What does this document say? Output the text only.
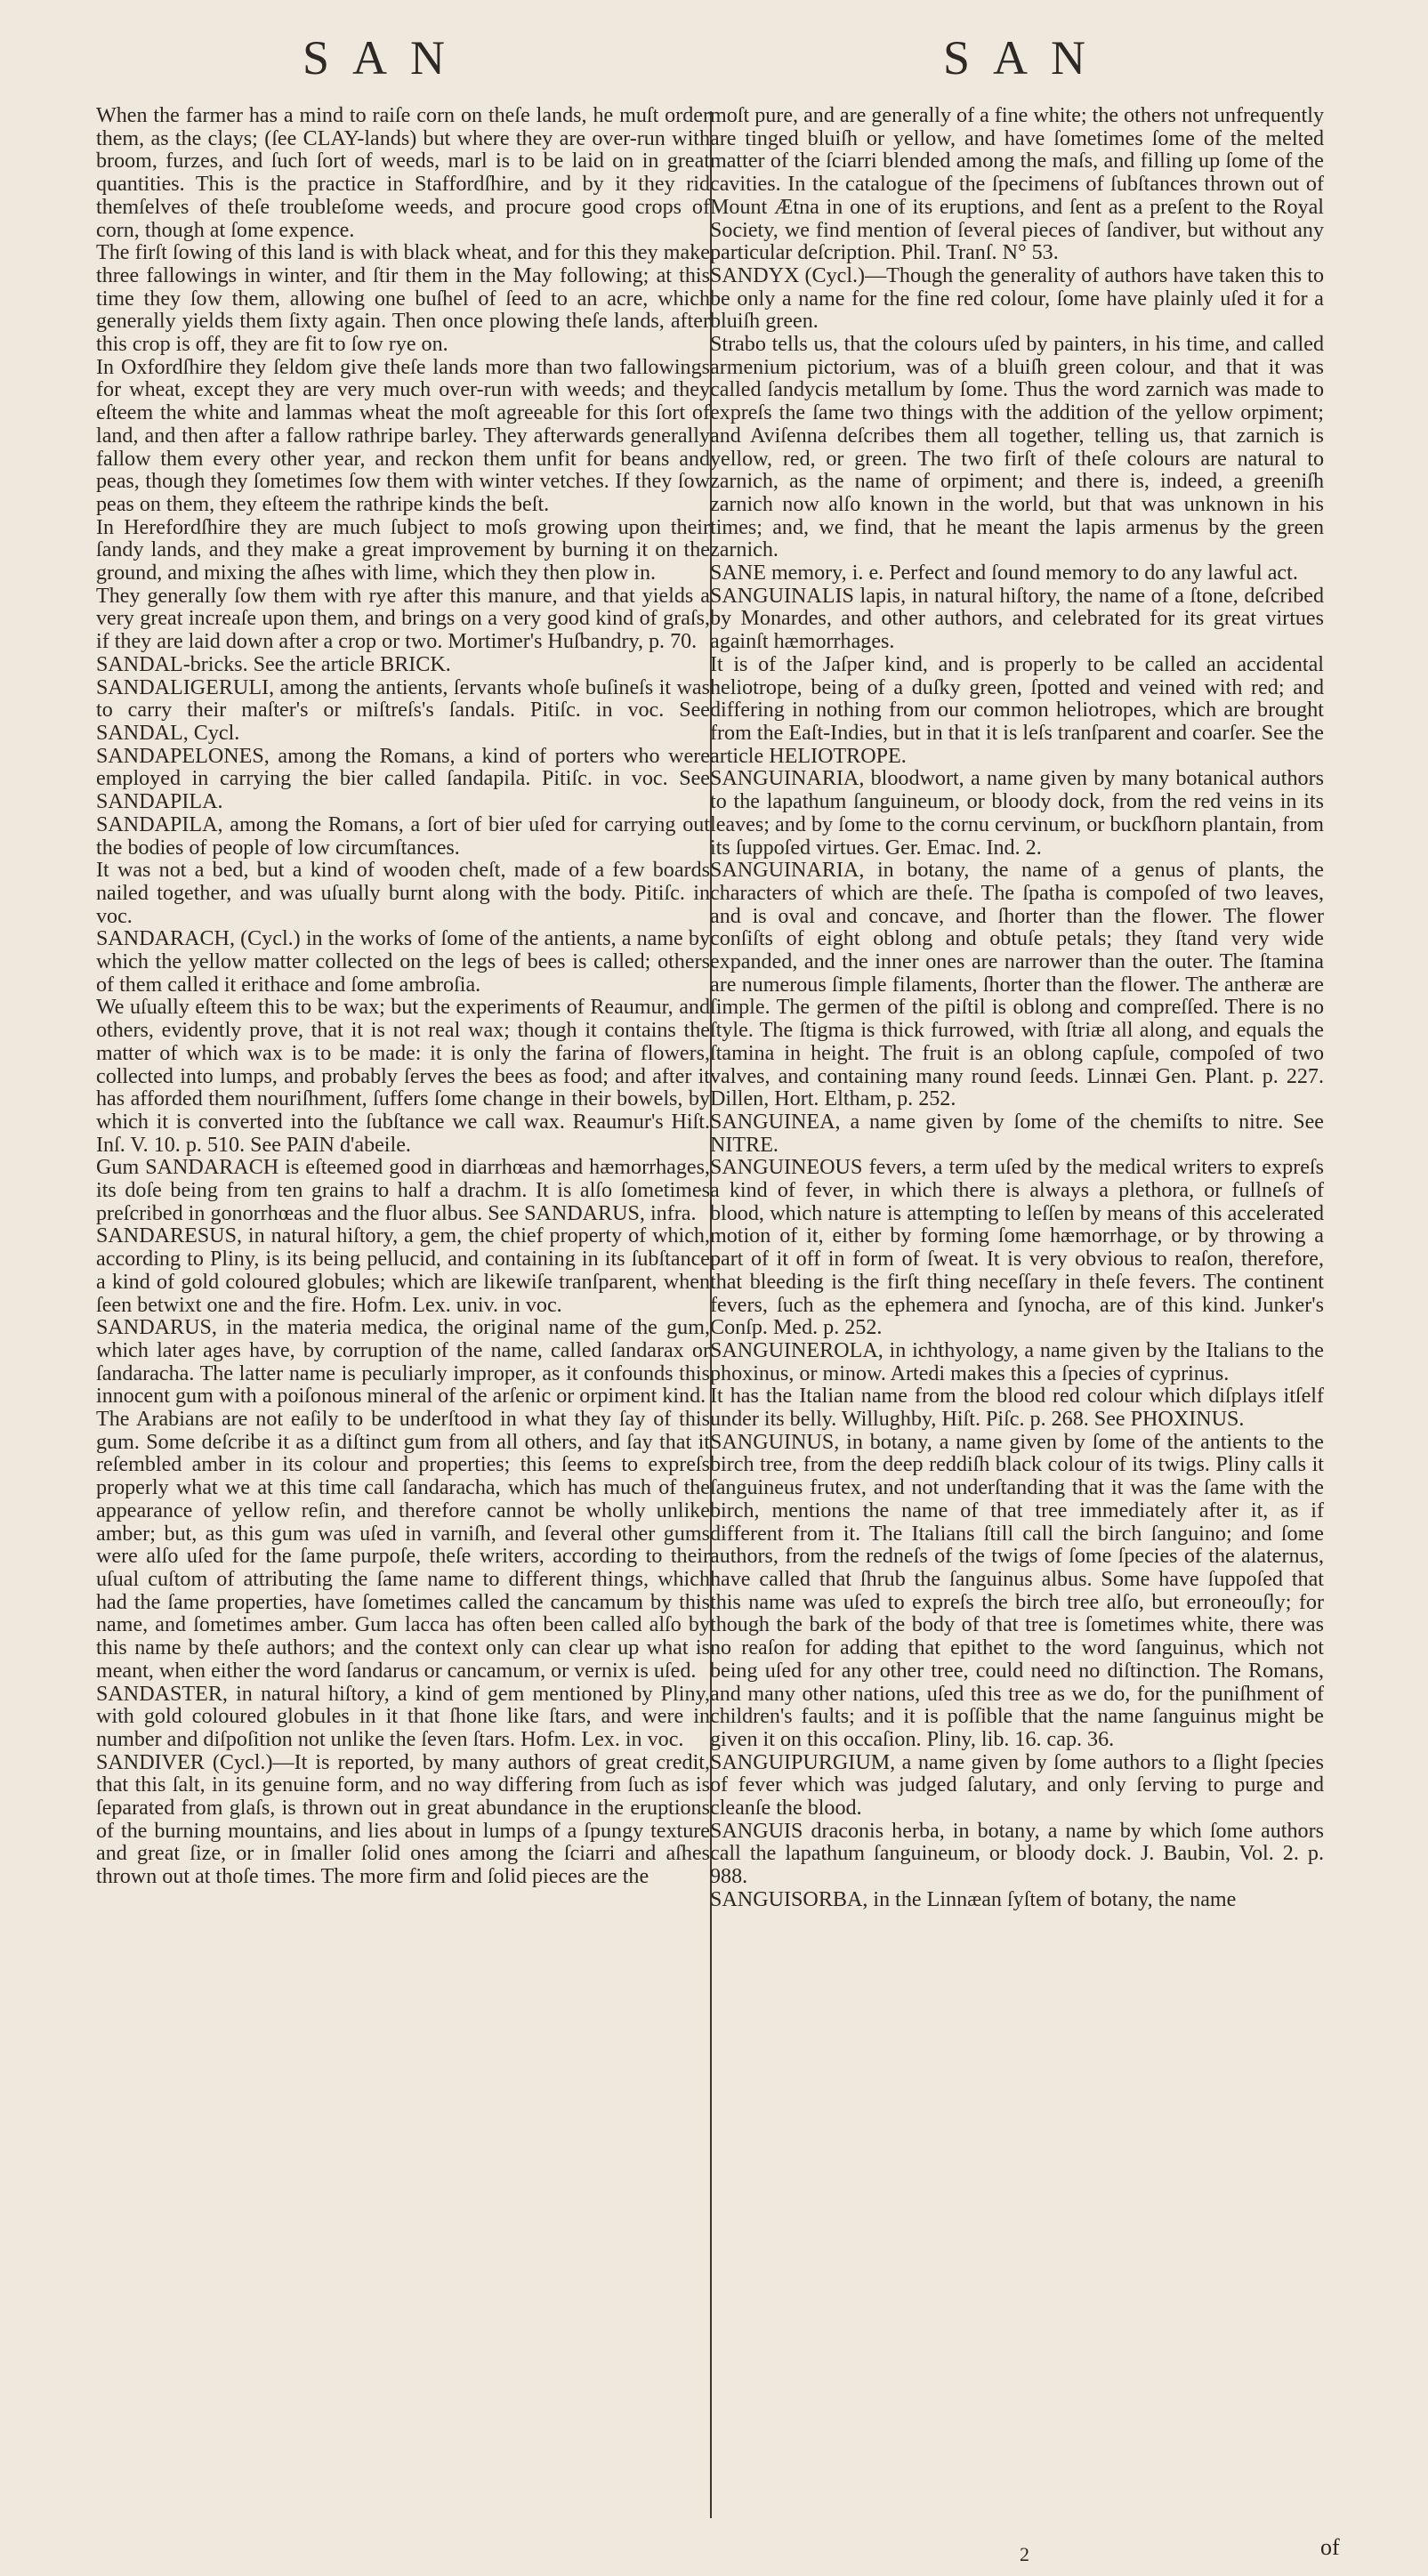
SAN	SAN

When the farmer has a mind to raiſe corn on theſe lands, he muſt order them, as the clays; (ſee CLAY-lands) but where they are over-run with broom, furzes, and ſuch ſort of weeds, marl is to be laid on in great quantities. This is the practice in Staffordſhire, and by it they rid themſelves of theſe troubleſome weeds, and procure good crops of corn, though at ſome expence.

The firſt ſowing of this land is with black wheat, and for this they make three fallowings in winter, and ſtir them in the May following; at this time they ſow them, allowing one buſhel of ſeed to an acre, which generally yields them ſixty again. Then once plowing theſe lands, after this crop is off, they are fit to ſow rye on.

In Oxfordſhire they ſeldom give theſe lands more than two fallowings for wheat, except they are very much over-run with weeds; and they eſteem the white and lammas wheat the moſt agreeable for this ſort of land, and then after a fallow rathripe barley. They afterwards generally fallow them every other year, and reckon them unfit for beans and peas, though they ſometimes ſow them with winter vetches. If they ſow peas on them, they eſteem the rathripe kinds the beſt.

In Herefordſhire they are much ſubject to moſs growing upon their ſandy lands, and they make a great improvement by burning it on the ground, and mixing the aſhes with lime, which they then plow in.

They generally ſow them with rye after this manure, and that yields a very great increaſe upon them, and brings on a very good kind of graſs, if they are laid down after a crop or two. Mortimer's Huſbandry, p. 70.

SANDAL-bricks. See the article BRICK.

SANDALIGERULI, among the antients, ſervants whoſe buſineſs it was to carry their maſter's or miſtreſs's ſandals. Pitiſc. in voc. See SANDAL, Cycl.

SANDAPELONES, among the Romans, a kind of porters who were employed in carrying the bier called ſandapila. Pitiſc. in voc. See SANDAPILA.

SANDAPILA, among the Romans, a ſort of bier uſed for carrying out the bodies of people of low circumſtances.

It was not a bed, but a kind of wooden cheſt, made of a few boards nailed together, and was uſually burnt along with the body. Pitiſc. in voc.

SANDARACH, (Cycl.) in the works of ſome of the antients, a name by which the yellow matter collected on the legs of bees is called; others of them called it erithace and ſome ambroſia.

We uſually eſteem this to be wax; but the experiments of Reaumur, and others, evidently prove, that it is not real wax; though it contains the matter of which wax is to be made: it is only the farina of flowers, collected into lumps, and probably ſerves the bees as food; and after it has afforded them nouriſhment, ſuffers ſome change in their bowels, by which it is converted into the ſubſtance we call wax. Reaumur's Hiſt. Inſ. V. 10. p. 510. See PAIN d'abeile.

Gum SANDARACH is eſteemed good in diarrhœas and hæmorrhages, its doſe being from ten grains to half a drachm. It is alſo ſometimes preſcribed in gonorrhœas and the fluor albus. See SANDARUS, infra.

SANDARESUS, in natural hiſtory, a gem, the chief property of which, according to Pliny, is its being pellucid, and containing in its ſubſtance a kind of gold coloured globules; which are likewiſe tranſparent, when ſeen betwixt one and the fire. Hofm. Lex. univ. in voc.

SANDARUS, in the materia medica, the original name of the gum, which later ages have, by corruption of the name, called ſandarax or ſandaracha. The latter name is peculiarly improper, as it confounds this innocent gum with a poiſonous mineral of the arſenic or orpiment kind.

The Arabians are not eaſily to be underſtood in what they ſay of this gum. Some deſcribe it as a diſtinct gum from all others, and ſay that it reſembled amber in its colour and properties; this ſeems to expreſs properly what we at this time call ſandaracha, which has much of the appearance of yellow reſin, and therefore cannot be wholly unlike amber; but, as this gum was uſed in varniſh, and ſeveral other gums were alſo uſed for the ſame purpoſe, theſe writers, according to their uſual cuſtom of attributing the ſame name to different things, which had the ſame properties, have ſometimes called the cancamum by this name, and ſometimes amber. Gum lacca has often been called alſo by this name by theſe authors; and the context only can clear up what is meant, when either the word ſandarus or cancamum, or vernix is uſed.

SANDASTER, in natural hiſtory, a kind of gem mentioned by Pliny, with gold coloured globules in it that ſhone like ſtars, and were in number and diſpoſition not unlike the ſeven ſtars. Hofm. Lex. in voc.

SANDIVER (Cycl.)—It is reported, by many authors of great credit, that this ſalt, in its genuine form, and no way differing from ſuch as is ſeparated from glaſs, is thrown out in great abundance in the eruptions of the burning mountains, and lies about in lumps of a ſpungy texture and great ſize, or in ſmaller ſolid ones among the ſciarri and aſhes thrown out at thoſe times. The more firm and ſolid pieces are the

moſt pure, and are generally of a fine white; the others not unfrequently are tinged bluiſh or yellow, and have ſometimes ſome of the melted matter of the ſciarri blended among the maſs, and filling up ſome of the cavities. In the catalogue of the ſpecimens of ſubſtances thrown out of Mount Ætna in one of its eruptions, and ſent as a preſent to the Royal Society, we find mention of ſeveral pieces of ſandiver, but without any particular deſcription. Phil. Tranſ. N° 53.

SANDYX (Cycl.)—Though the generality of authors have taken this to be only a name for the fine red colour, ſome have plainly uſed it for a bluiſh green.

Strabo tells us, that the colours uſed by painters, in his time, and called armenium pictorium, was of a bluiſh green colour, and that it was called ſandycis metallum by ſome. Thus the word zarnich was made to expreſs the ſame two things with the addition of the yellow orpiment; and Aviſenna deſcribes them all together, telling us, that zarnich is yellow, red, or green. The two firſt of theſe colours are natural to zarnich, as the name of orpiment; and there is, indeed, a greeniſh zarnich now alſo known in the world, but that was unknown in his times; and, we find, that he meant the lapis armenus by the green zarnich.

SANE memory, i. e. Perfect and ſound memory to do any lawful act.

SANGUINALIS lapis, in natural hiſtory, the name of a ſtone, deſcribed by Monardes, and other authors, and celebrated for its great virtues againſt hæmorrhages.

It is of the Jaſper kind, and is properly to be called an accidental heliotrope, being of a duſky green, ſpotted and veined with red; and differing in nothing from our common heliotropes, which are brought from the Eaſt-Indies, but in that it is leſs tranſparent and coarſer. See the article HELIOTROPE.

SANGUINARIA, bloodwort, a name given by many botanical authors to the lapathum ſanguineum, or bloody dock, from the red veins in its leaves; and by ſome to the cornu cervinum, or buckſhorn plantain, from its ſuppoſed virtues. Ger. Emac. Ind. 2.

SANGUINARIA, in botany, the name of a genus of plants, the characters of which are theſe. The ſpatha is compoſed of two leaves, and is oval and concave, and ſhorter than the flower. The flower conſiſts of eight oblong and obtuſe petals; they ſtand very wide expanded, and the inner ones are narrower than the outer. The ſtamina are numerous ſimple filaments, ſhorter than the flower. The antheræ are ſimple. The germen of the piſtil is oblong and compreſſed. There is no ſtyle. The ſtigma is thick furrowed, with ſtriæ all along, and equals the ſtamina in height. The fruit is an oblong capſule, compoſed of two valves, and containing many round ſeeds. Linnæi Gen. Plant. p. 227. Dillen, Hort. Eltham, p. 252.

SANGUINEA, a name given by ſome of the chemiſts to nitre. See NITRE.

SANGUINEOUS fevers, a term uſed by the medical writers to expreſs a kind of fever, in which there is always a plethora, or fullneſs of blood, which nature is attempting to leſſen by means of this accelerated motion of it, either by forming ſome hæmorrhage, or by throwing a part of it off in form of ſweat. It is very obvious to reaſon, therefore, that bleeding is the firſt thing neceſſary in theſe fevers. The continent fevers, ſuch as the ephemera and ſynocha, are of this kind. Junker's Conſp. Med. p. 252.

SANGUINEROLA, in ichthyology, a name given by the Italians to the phoxinus, or minow. Artedi makes this a ſpecies of cyprinus.

It has the Italian name from the blood red colour which diſplays itſelf under its belly. Willughby, Hiſt. Piſc. p. 268. See PHOXINUS.

SANGUINUS, in botany, a name given by ſome of the antients to the birch tree, from the deep reddiſh black colour of its twigs. Pliny calls it ſanguineus frutex, and not underſtanding that it was the ſame with the birch, mentions the name of that tree immediately after it, as if different from it. The Italians ſtill call the birch ſanguino; and ſome authors, from the redneſs of the twigs of ſome ſpecies of the alaternus, have called that ſhrub the ſanguinus albus. Some have ſuppoſed that this name was uſed to expreſs the birch tree alſo, but erroneouſly; for though the bark of the body of that tree is ſometimes white, there was no reaſon for adding that epithet to the word ſanguinus, which not being uſed for any other tree, could need no diſtinction. The Romans, and many other nations, uſed this tree as we do, for the puniſhment of children's faults; and it is poſſible that the name ſanguinus might be given it on this occaſion. Pliny, lib. 16. cap. 36.

SANGUIPURGIUM, a name given by ſome authors to a ſlight ſpecies of fever which was judged ſalutary, and only ſerving to purge and cleanſe the blood.

SANGUIS draconis herba, in botany, a name by which ſome authors call the lapathum ſanguineum, or bloody dock. J. Baubin, Vol. 2. p. 988.

SANGUISORBA, in the Linnæan ſyſtem of botany, the name

2	of
